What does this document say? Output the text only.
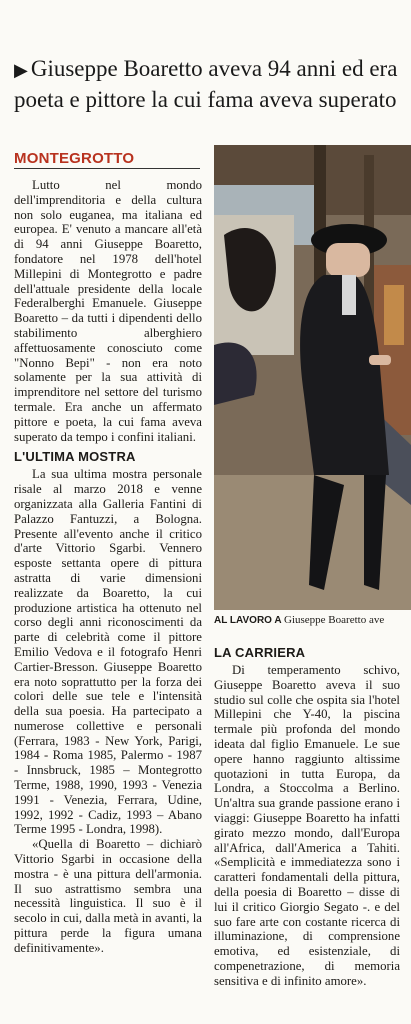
▶ Giuseppe Boaretto aveva 94 anni ed era
poeta e pittore la cui fama aveva superato
MONTEGROTTO

Lutto nel mondo dell'imprenditoria e della cultura non solo euganea, ma italiana ed europea. E' venuto a mancare all'età di 94 anni Giuseppe Boaretto, fondatore nel 1978 dell'hotel Millepini di Montegrotto e padre dell'attuale presidente della locale Federalberghi Emanuele. Giuseppe Boaretto – da tutti i dipendenti dello stabilimento alberghiero affettuosamente conosciuto come "Nonno Bepi" - non era noto solamente per la sua attività di imprenditore nel settore del turismo termale. Era anche un affermato pittore e poeta, la cui fama aveva superato da tempo i confini italiani.

L'ULTIMA MOSTRA

La sua ultima mostra personale risale al marzo 2018 e venne organizzata alla Galleria Fantini di Palazzo Fantuzzi, a Bologna. Presente all'evento anche il critico d'arte Vittorio Sgarbi. Vennero esposte settanta opere di pittura astratta di varie dimensioni realizzate da Boaretto, la cui produzione artistica ha ottenuto nel corso degli anni riconoscimenti da parte di celebrità come il pittore Emilio Vedova e il fotografo Henri Cartier-Bresson. Giuseppe Boaretto era noto soprattutto per la forza dei colori delle sue tele e l'intensità della sua poesia. Ha partecipato a numerose collettive e personali (Ferrara, 1983 - New York, Parigi, 1984 - Roma 1985, Palermo - 1987 - Innsbruck, 1985 – Montegrotto Terme, 1988, 1990, 1993 - Venezia 1991 - Venezia, Ferrara, Udine, 1992, 1992 - Cadiz, 1993 – Abano Terme 1995 - Londra, 1998).

«Quella di Boaretto – dichiarò Vittorio Sgarbi in occasione della mostra - è una pittura dell'armonia. Il suo astrattismo sembra una necessità linguistica. Il suo è il secolo in cui, dalla metà in avanti, la pittura perde la figura umana definitivamente».

AL LAVORO A Giuseppe Boaretto ave
LA CARRIERA

Di temperamento schivo, Giuseppe Boaretto aveva il suo studio sul colle che ospita sia l'hotel Millepini che Y-40, la piscina termale più profonda del mondo ideata dal figlio Emanuele. Le sue opere hanno raggiunto altissime quotazioni in tutta Europa, da Londra, a Stoccolma a Berlino. Un'altra sua grande passione erano i viaggi: Giuseppe Boaretto ha infatti girato mezzo mondo, dall'Europa all'Africa, dall'America a Tahiti. «Semplicità e immediatezza sono i caratteri fondamentali della pittura, della poesia di Boaretto – disse di lui il critico Giorgio Segato -. e del suo fare arte con costante ricerca di illuminazione, di comprensione emotiva, ed esistenziale, di compenetrazione, di memoria sensitiva e di infinito amore».
